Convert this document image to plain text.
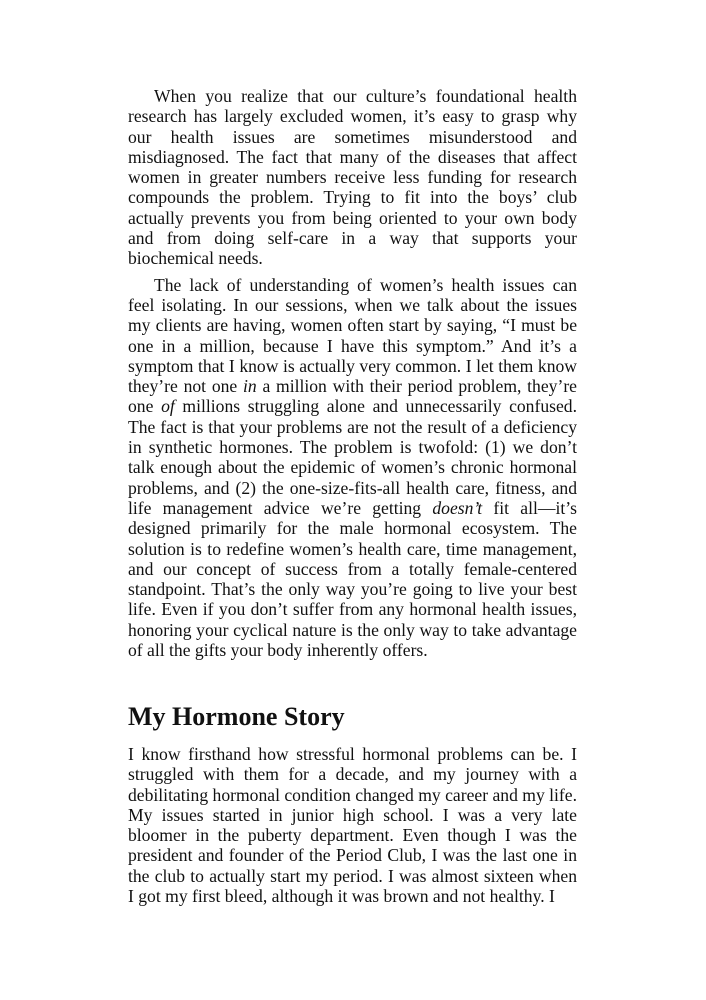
When you realize that our culture’s foundational health research has largely excluded women, it’s easy to grasp why our health issues are sometimes misunderstood and misdiagnosed. The fact that many of the diseases that affect women in greater numbers receive less funding for research compounds the problem. Trying to fit into the boys’ club actually prevents you from being oriented to your own body and from doing self-care in a way that supports your biochemical needs.

The lack of understanding of women’s health issues can feel isolating. In our sessions, when we talk about the issues my clients are having, women often start by saying, “I must be one in a million, because I have this symptom.” And it’s a symptom that I know is actually very common. I let them know they’re not one in a million with their period problem, they’re one of millions struggling alone and unnecessarily confused. The fact is that your problems are not the result of a deficiency in synthetic hormones. The problem is twofold: (1) we don’t talk enough about the epidemic of women’s chronic hormonal problems, and (2) the one-size-fits-all health care, fitness, and life management advice we’re getting doesn’t fit all—it’s designed primarily for the male hormonal ecosystem. The solution is to redefine women’s health care, time management, and our concept of success from a totally female-centered standpoint. That’s the only way you’re going to live your best life. Even if you don’t suffer from any hormonal health issues, honoring your cyclical nature is the only way to take advantage of all the gifts your body inherently offers.

My Hormone Story

I know firsthand how stressful hormonal problems can be. I struggled with them for a decade, and my journey with a debilitating hormonal condition changed my career and my life. My issues started in junior high school. I was a very late bloomer in the puberty department. Even though I was the president and founder of the Period Club, I was the last one in the club to actually start my period. I was almost sixteen when I got my first bleed, although it was brown and not healthy. I
